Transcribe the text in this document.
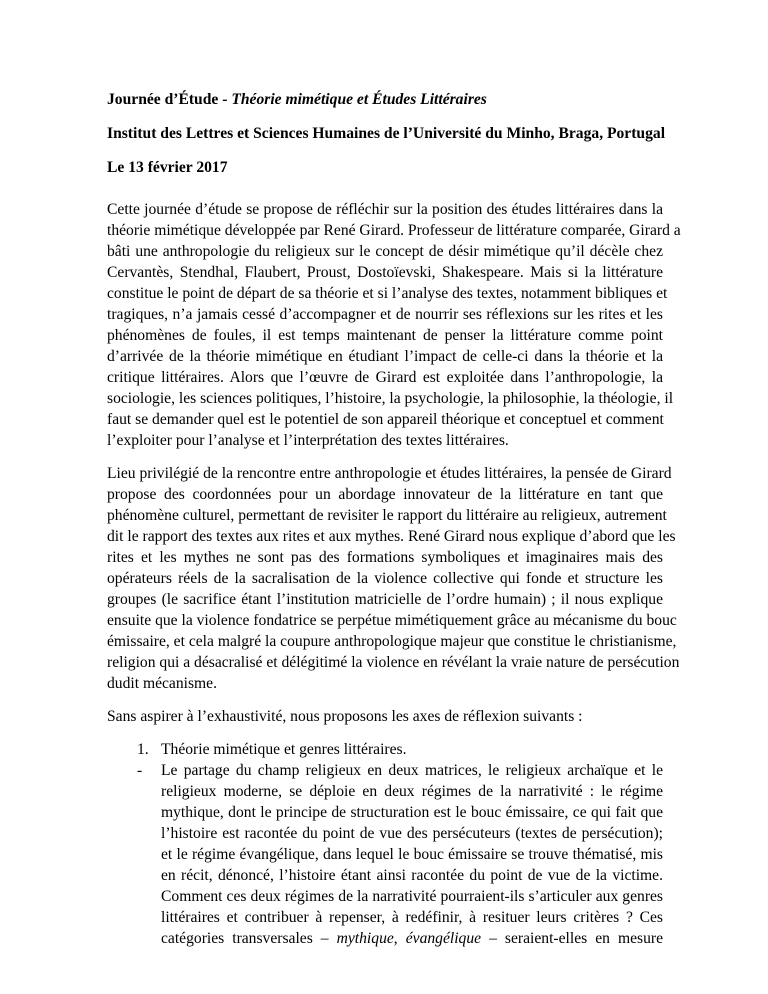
Journée d’Étude - Théorie mimétique et Études Littéraires
Institut des Lettres et Sciences Humaines de l’Université du Minho, Braga, Portugal
Le 13 février 2017
Cette journée d’étude se propose de réfléchir sur la position des études littéraires dans la
théorie mimétique développée par René Girard. Professeur de littérature comparée, Girard a
bâti une anthropologie du religieux sur le concept de désir mimétique qu’il décèle chez
Cervantès, Stendhal, Flaubert, Proust, Dostoïevski, Shakespeare. Mais si la littérature
constitue le point de départ de sa théorie et si l’analyse des textes, notamment bibliques et
tragiques, n’a jamais cessé d’accompagner et de nourrir ses réflexions sur les rites et les
phénomènes de foules, il est temps maintenant de penser la littérature comme point
d’arrivée de la théorie mimétique en étudiant l’impact de celle-ci dans la théorie et la
critique littéraires. Alors que l’œuvre de Girard est exploitée dans l’anthropologie, la
sociologie, les sciences politiques, l’histoire, la psychologie, la philosophie, la théologie, il
faut se demander quel est le potentiel de son appareil théorique et conceptuel et comment
l’exploiter pour l’analyse et l’interprétation des textes littéraires.
Lieu privilégié de la rencontre entre anthropologie et études littéraires, la pensée de Girard
propose des coordonnées pour un abordage innovateur de la littérature en tant que
phénomène culturel, permettant de revisiter le rapport du littéraire au religieux, autrement
dit le rapport des textes aux rites et aux mythes. René Girard nous explique d’abord que les
rites et les mythes ne sont pas des formations symboliques et imaginaires mais des
opérateurs réels de la sacralisation de la violence collective qui fonde et structure les
groupes (le sacrifice étant l’institution matricielle de l’ordre humain) ; il nous explique
ensuite que la violence fondatrice se perpétue mimétiquement grâce au mécanisme du bouc
émissaire, et cela malgré la coupure anthropologique majeur que constitue le christianisme,
religion qui a désacralisé et délégitimé la violence en révélant la vraie nature de persécution
dudit mécanisme.
Sans aspirer à l’exhaustivité, nous proposons les axes de réflexion suivants :
1. Théorie mimétique et genres littéraires.
- Le partage du champ religieux en deux matrices, le religieux archaïque et le
religieux moderne, se déploie en deux régimes de la narrativité : le régime
mythique, dont le principe de structuration est le bouc émissaire, ce qui fait que
l’histoire est racontée du point de vue des persécuteurs (textes de persécution);
et le régime évangélique, dans lequel le bouc émissaire se trouve thématisé, mis
en récit, dénoncé, l’histoire étant ainsi racontée du point de vue de la victime.
Comment ces deux régimes de la narrativité pourraient-ils s’articuler aux genres
littéraires et contribuer à repenser, à redéfinir, à resituer leurs critères ? Ces
catégories transversales – mythique, évangélique – seraient-elles en mesure
